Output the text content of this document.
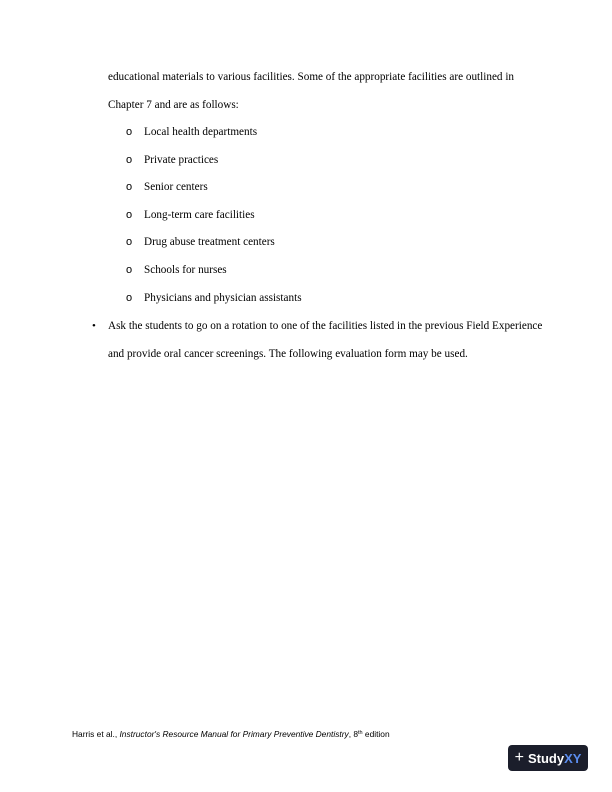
educational materials to various facilities. Some of the appropriate facilities are outlined in Chapter 7 and are as follows:

o Local health departments
o Private practices
o Senior centers
o Long-term care facilities
o Drug abuse treatment centers
o Schools for nurses
o Physicians and physician assistants
• Ask the students to go on a rotation to one of the facilities listed in the previous Field Experience and provide oral cancer screenings. The following evaluation form may be used.
Harris et al., Instructor's Resource Manual for Primary Preventive Dentistry, 8th edition
+ StudyXY
